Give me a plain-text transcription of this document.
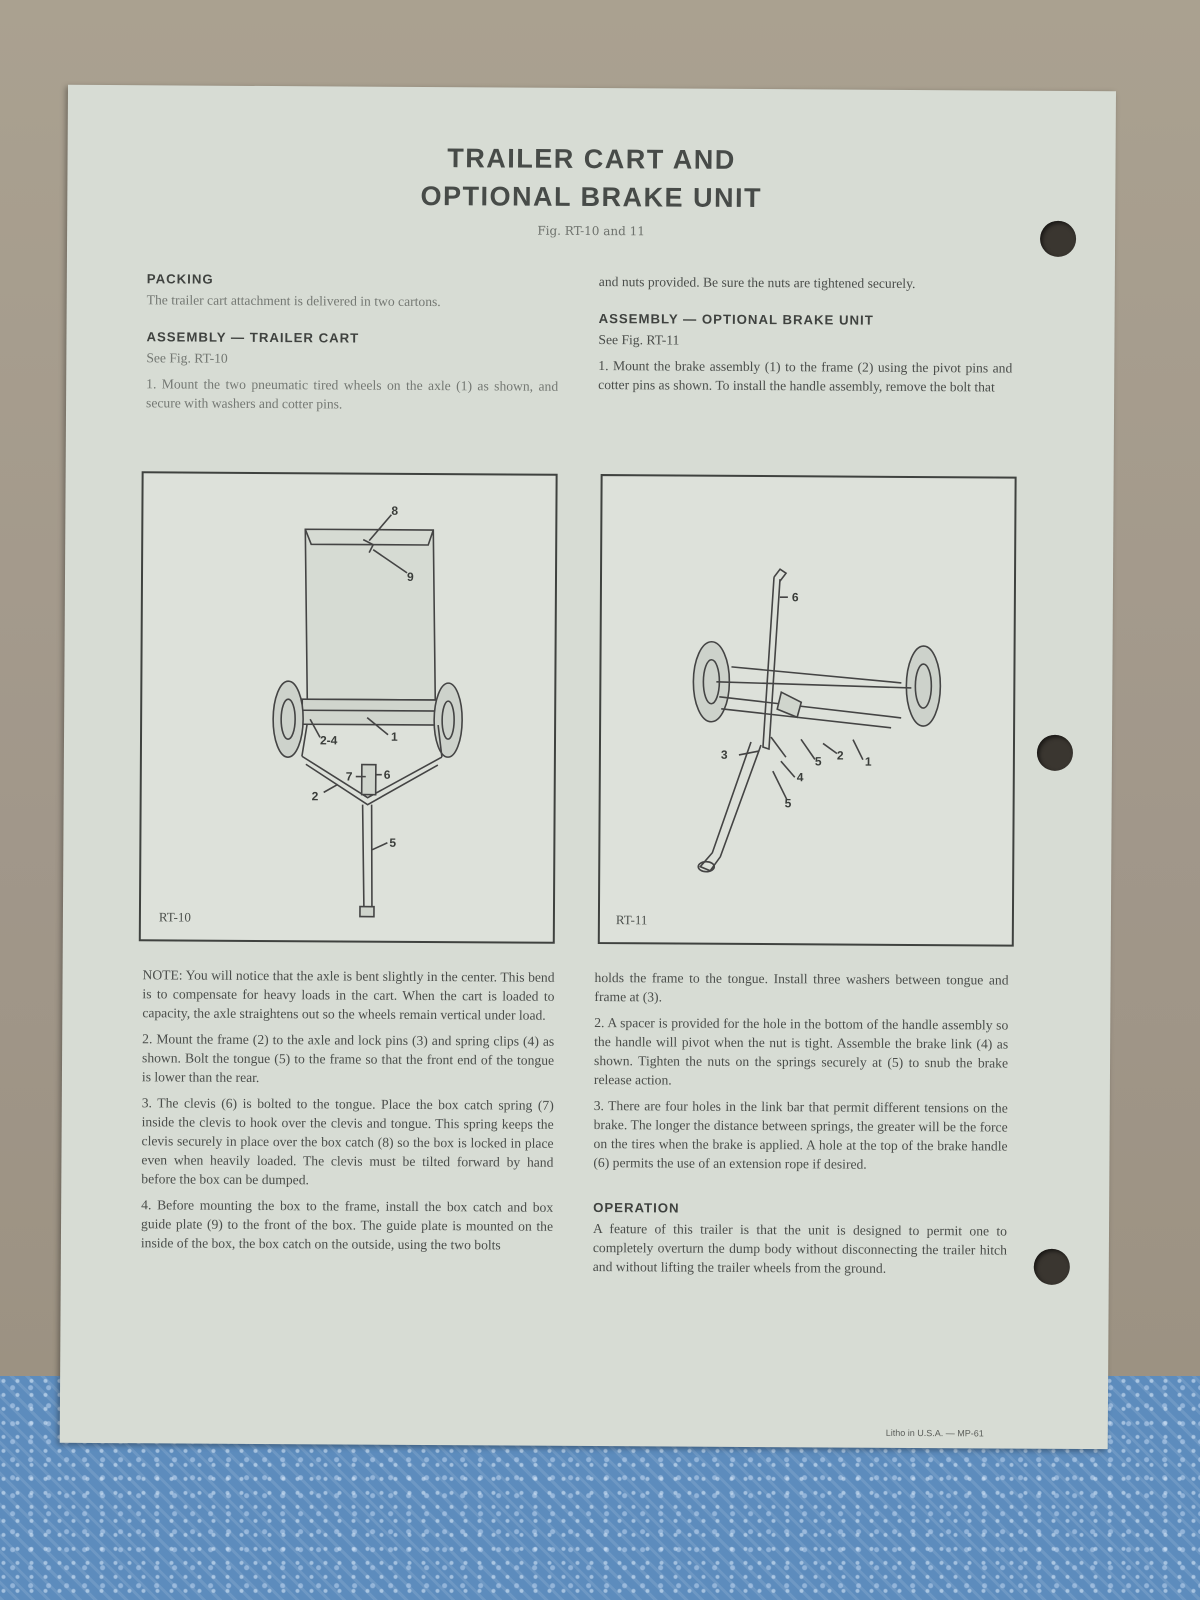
TRAILER CART AND
OPTIONAL BRAKE UNIT
Fig. RT-10 and 11
PACKING

The trailer cart attachment is delivered in two cartons.

ASSEMBLY — TRAILER CART

See Fig. RT-10

1. Mount the two pneumatic tired wheels on the axle (1) as shown, and secure with washers and cotter pins.

and nuts provided. Be sure the nuts are tightened securely.

ASSEMBLY — OPTIONAL BRAKE UNIT

See Fig. RT-11

1. Mount the brake assembly (1) to the frame (2) using the pivot pins and cotter pins as shown. To install the handle assembly, remove the bolt that

8
9
1
2-4
7	6
2
5
RT-10
6
3	5 2 1
4
5
RT-11

NOTE: You will notice that the axle is bent slightly in the center. This bend is to compensate for heavy loads in the cart. When the cart is loaded to capacity, the axle straightens out so the wheels remain vertical under load.

2. Mount the frame (2) to the axle and lock pins (3) and spring clips (4) as shown. Bolt the tongue (5) to the frame so that the front end of the tongue is lower than the rear.

3. The clevis (6) is bolted to the tongue. Place the box catch spring (7) inside the clevis to hook over the clevis and tongue. This spring keeps the clevis securely in place over the box catch (8) so the box is locked in place even when heavily loaded. The clevis must be tilted forward by hand before the box can be dumped.

4. Before mounting the box to the frame, install the box catch and box guide plate (9) to the front of the box. The guide plate is mounted on the inside of the box, the box catch on the outside, using the two bolts

holds the frame to the tongue. Install three washers between tongue and frame at (3).

2. A spacer is provided for the hole in the bottom of the handle assembly so the handle will pivot when the nut is tight. Assemble the brake link (4) as shown. Tighten the nuts on the springs securely at (5) to snub the brake release action.

3. There are four holes in the link bar that permit different tensions on the brake. The longer the distance between springs, the greater will be the force on the tires when the brake is applied. A hole at the top of the brake handle (6) permits the use of an extension rope if desired.

OPERATION

A feature of this trailer is that the unit is designed to permit one to completely overturn the dump body without disconnecting the trailer hitch and without lifting the trailer wheels from the ground.

Litho in U.S.A. — MP-61
